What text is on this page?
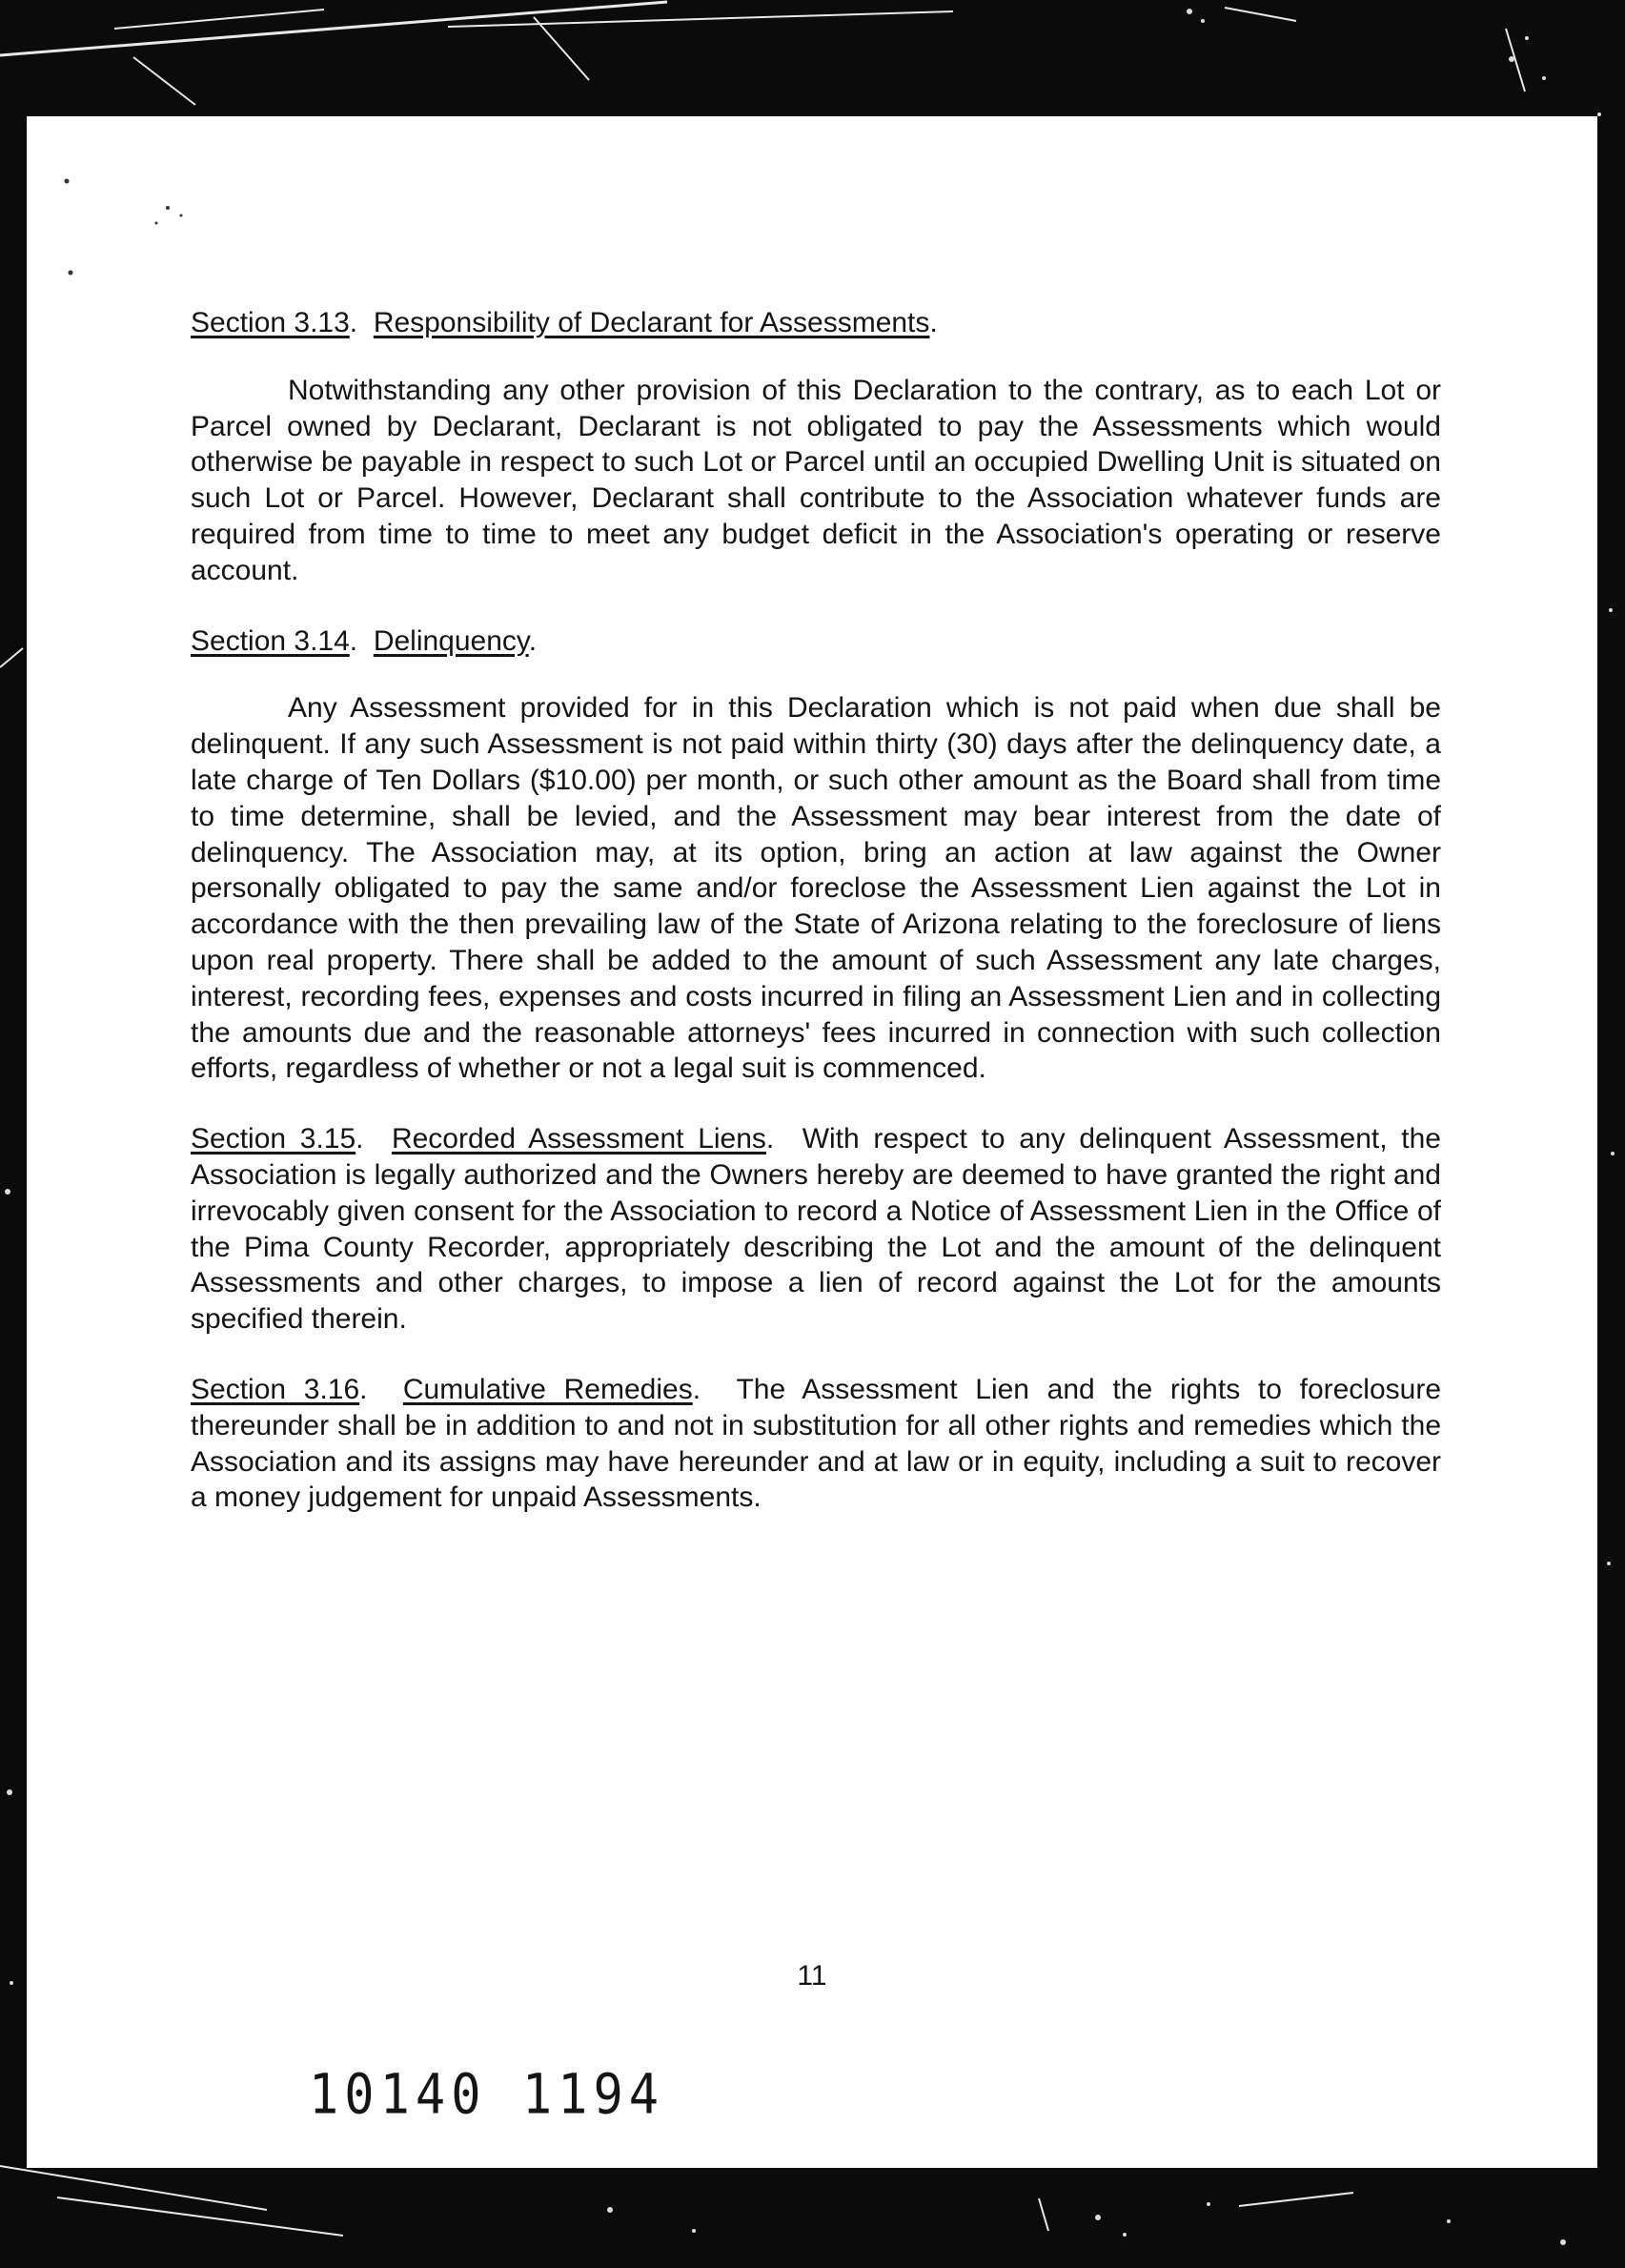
Section 3.13.  Responsibility of Declarant for Assessments.

Notwithstanding any other provision of this Declaration to the contrary, as to each Lot or Parcel owned by Declarant, Declarant is not obligated to pay the Assessments which would otherwise be payable in respect to such Lot or Parcel until an occupied Dwelling Unit is situated on such Lot or Parcel. However, Declarant shall contribute to the Association whatever funds are required from time to time to meet any budget deficit in the Association's operating or reserve account.

Section 3.14.  Delinquency.

Any Assessment provided for in this Declaration which is not paid when due shall be delinquent. If any such Assessment is not paid within thirty (30) days after the delinquency date, a late charge of Ten Dollars ($10.00) per month, or such other amount as the Board shall from time to time determine, shall be levied, and the Assessment may bear interest from the date of delinquency. The Association may, at its option, bring an action at law against the Owner personally obligated to pay the same and/or foreclose the Assessment Lien against the Lot in accordance with the then prevailing law of the State of Arizona relating to the foreclosure of liens upon real property. There shall be added to the amount of such Assessment any late charges, interest, recording fees, expenses and costs incurred in filing an Assessment Lien and in collecting the amounts due and the reasonable attorneys' fees incurred in connection with such collection efforts, regardless of whether or not a legal suit is commenced.

Section 3.15.  Recorded Assessment Liens.  With respect to any delinquent Assessment, the Association is legally authorized and the Owners hereby are deemed to have granted the right and irrevocably given consent for the Association to record a Notice of Assessment Lien in the Office of the Pima County Recorder, appropriately describing the Lot and the amount of the delinquent Assessments and other charges, to impose a lien of record against the Lot for the amounts specified therein.

Section 3.16.  Cumulative Remedies.  The Assessment Lien and the rights to foreclosure thereunder shall be in addition to and not in substitution for all other rights and remedies which the Association and its assigns may have hereunder and at law or in equity, including a suit to recover a money judgement for unpaid Assessments.

11
10140 1194
